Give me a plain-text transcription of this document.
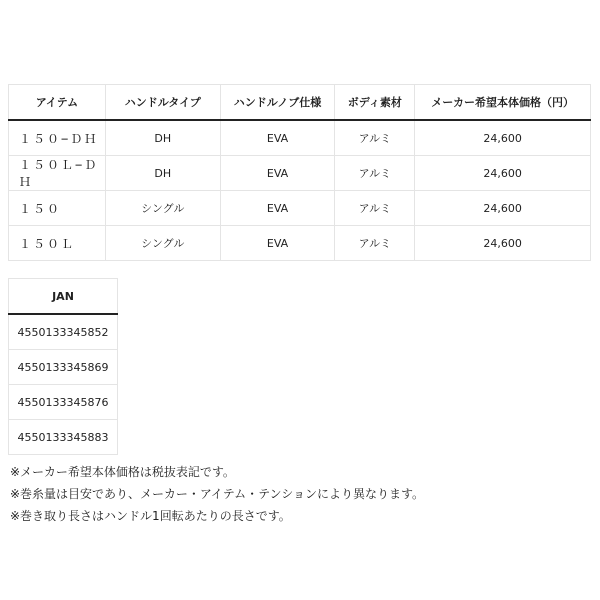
アイテム	ハンドルタイプ	ハンドルノブ仕様	ボディ素材	メーカー希望本体価格（円）
１５０−ＤＨ	DH	EVA	アルミ	24,600
１５０Ｌ−ＤＨ	DH	EVA	アルミ	24,600
１５０	シングル	EVA	アルミ	24,600
１５０Ｌ	シングル	EVA	アルミ	24,600
JAN
4550133345852
4550133345869
4550133345876
4550133345883
※メーカー希望本体価格は税抜表記です。
※巻糸量は目安であり、メーカー・アイテム・テンションにより異なります。
※巻き取り長さはハンドル1回転あたりの長さです。
